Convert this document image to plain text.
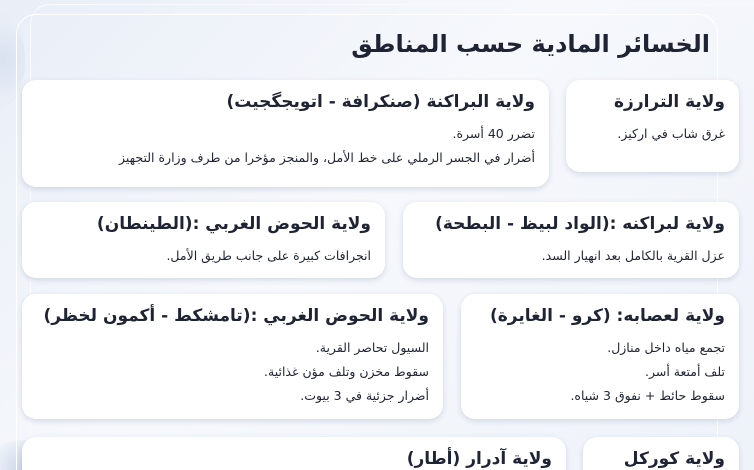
الخسائر المادية حسب المناطق
ولاية الترارزة
غرق شاب في اركيز.
ولاية البراكنة (صنكرافة - اتويجگجيت)
تضرر 40 أسرة.
أضرار في الجسر الرملي على خط الأمل، والمنجز مؤخرا من طرف وزارة التجهيز
ولاية لبراكنه :(الواد لبيظ - البطحة)
عزل القرية بالكامل بعد انهيار السد.
ولاية الحوض الغربي :(الطينطان)
انجرافات كبيرة على جانب طريق الأمل.
ولاية لعصابه: (كرو - الغايرة)
تجمع مياه داخل منازل.
تلف أمتعة أسر.
سقوط حائط + نفوق 3 شياه.
ولاية الحوض الغربي :(تامشكط - أكمون لخظر)
السيول تحاصر القرية.
سقوط مخزن وتلف مؤن غذائية.
أضرار جزئية في 3 بيوت.
ولاية كوركل
ولاية آدرار (أطار)
